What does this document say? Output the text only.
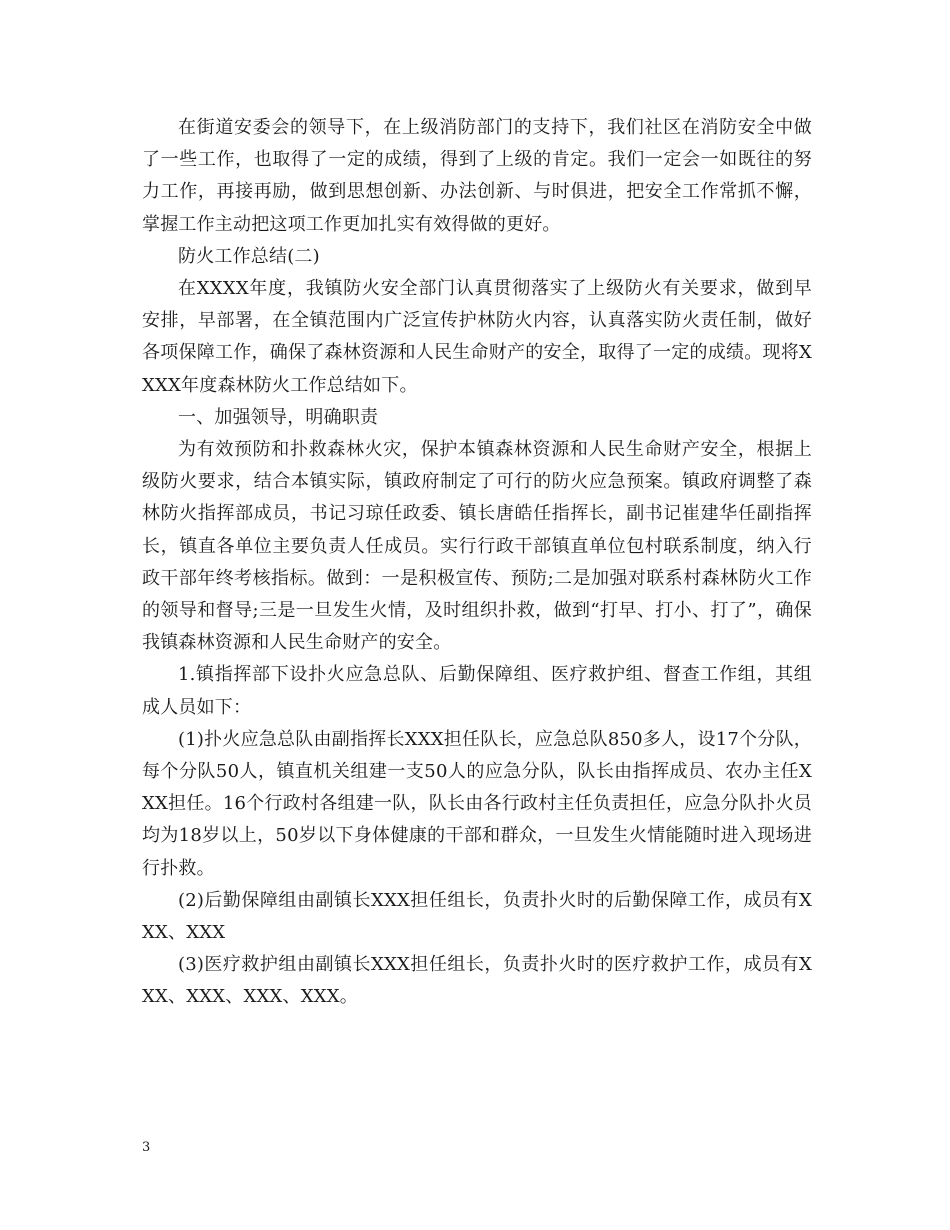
在街道安委会的领导下，在上级消防部门的支持下，我们社区在消防安全中做了一些工作，也取得了一定的成绩，得到了上级的肯定。我们一定会一如既往的努力工作，再接再励，做到思想创新、办法创新、与时俱进，把安全工作常抓不懈，掌握工作主动把这项工作更加扎实有效得做的更好。

防火工作总结(二)

在XXXX年度，我镇防火安全部门认真贯彻落实了上级防火有关要求，做到早安排，早部署，在全镇范围内广泛宣传护林防火内容，认真落实防火责任制，做好各项保障工作，确保了森林资源和人民生命财产的安全，取得了一定的成绩。现将XXXX年度森林防火工作总结如下。

一、加强领导，明确职责

为有效预防和扑救森林火灾，保护本镇森林资源和人民生命财产安全，根据上级防火要求，结合本镇实际，镇政府制定了可行的防火应急预案。镇政府调整了森林防火指挥部成员，书记习琼任政委、镇长唐皓任指挥长，副书记崔建华任副指挥长，镇直各单位主要负责人任成员。实行行政干部镇直单位包村联系制度，纳入行政干部年终考核指标。做到：一是积极宣传、预防;二是加强对联系村森林防火工作的领导和督导;三是一旦发生火情，及时组织扑救，做到“打早、打小、打了”，确保我镇森林资源和人民生命财产的安全。

1.镇指挥部下设扑火应急总队、后勤保障组、医疗救护组、督查工作组，其组成人员如下：

(1)扑火应急总队由副指挥长XXX担任队长，应急总队850多人，设17个分队，每个分队50人，镇直机关组建一支50人的应急分队，队长由指挥成员、农办主任XXX担任。16个行政村各组建一队，队长由各行政村主任负责担任，应急分队扑火员均为18岁以上，50岁以下身体健康的干部和群众，一旦发生火情能随时进入现场进行扑救。

(2)后勤保障组由副镇长XXX担任组长，负责扑火时的后勤保障工作，成员有XXX、XXX

(3)医疗救护组由副镇长XXX担任组长，负责扑火时的医疗救护工作，成员有XXX、XXX、XXX、XXX。

3
